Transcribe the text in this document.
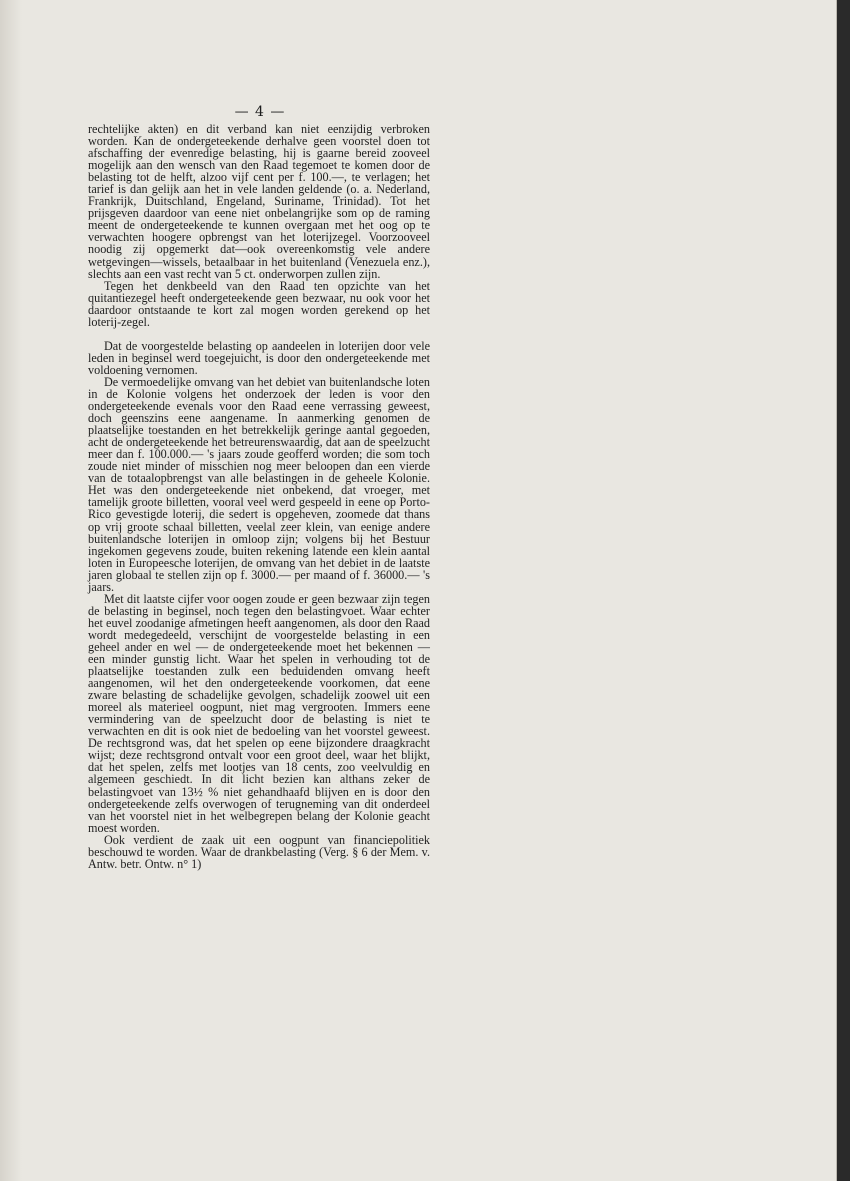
— 4 —

rechtelijke akten) en dit verband kan niet eenzijdig verbroken worden. Kan de ondergeteekende derhalve geen voorstel doen tot afschaffing der evenredige belasting, hij is gaarne bereid zooveel mogelijk aan den wensch van den Raad tegemoet te komen door de belasting tot de helft, alzoo vijf cent per f. 100.—, te verlagen; het tarief is dan gelijk aan het in vele landen geldende (o. a. Nederland, Frankrijk, Duitschland, Engeland, Suriname, Trinidad). Tot het prijsgeven daardoor van eene niet onbelangrijke som op de raming meent de ondergeteekende te kunnen overgaan met het oog op te verwachten hoogere opbrengst van het loterijzegel. Voorzooveel noodig zij opgemerkt dat—ook overeenkomstig vele andere wetgevingen—wissels, betaalbaar in het buitenland (Venezuela enz.), slechts aan een vast recht van 5 ct. onderworpen zullen zijn.

Tegen het denkbeeld van den Raad ten opzichte van het quitantiezegel heeft ondergeteekende geen bezwaar, nu ook voor het daardoor ontstaande te kort zal mogen worden gerekend op het loterij-zegel.

Dat de voorgestelde belasting op aandeelen in loterijen door vele leden in beginsel werd toegejuicht, is door den ondergeteekende met voldoening vernomen.

De vermoedelijke omvang van het debiet van buitenlandsche loten in de Kolonie volgens het onderzoek der leden is voor den ondergeteekende evenals voor den Raad eene verrassing geweest, doch geenszins eene aangename. In aanmerking genomen de plaatselijke toestanden en het betrekkelijk geringe aantal gegoeden, acht de ondergeteekende het betreurenswaardig, dat aan de speelzucht meer dan f. 100.000.— 's jaars zoude geofferd worden; die som toch zoude niet minder of misschien nog meer beloopen dan een vierde van de totaalopbrengst van alle belastingen in de geheele Kolonie. Het was den ondergeteekende niet onbekend, dat vroeger, met tamelijk groote billetten, vooral veel werd gespeeld in eene op Porto-Rico gevestigde loterij, die sedert is opgeheven, zoomede dat thans op vrij groote schaal billetten, veelal zeer klein, van eenige andere buitenlandsche loterijen in omloop zijn; volgens bij het Bestuur ingekomen gegevens zoude, buiten rekening latende een klein aantal loten in Europeesche loterijen, de omvang van het debiet in de laatste jaren globaal te stellen zijn op f. 3000.— per maand of f. 36000.— 's jaars.

Met dit laatste cijfer voor oogen zoude er geen bezwaar zijn tegen de belasting in beginsel, noch tegen den belastingvoet. Waar echter het euvel zoodanige afmetingen heeft aangenomen, als door den Raad wordt medegedeeld, verschijnt de voorgestelde belasting in een geheel ander en wel — de ondergeteekende moet het bekennen — een minder gunstig licht. Waar het spelen in verhouding tot de plaatselijke toestanden zulk een beduidenden omvang heeft aangenomen, wil het den ondergeteekende voorkomen, dat eene zware belasting de schadelijke gevolgen, schadelijk zoowel uit een moreel als materieel oogpunt, niet mag vergrooten. Immers eene vermindering van de speelzucht door de belasting is niet te verwachten en dit is ook niet de bedoeling van het voorstel geweest. De rechtsgrond was, dat het spelen op eene bijzondere draagkracht wijst; deze rechtsgrond ontvalt voor een groot deel, waar het blijkt, dat het spelen, zelfs met lootjes van 18 cents, zoo veelvuldig en algemeen geschiedt. In dit licht bezien kan althans zeker de belastingvoet van 13½ % niet gehandhaafd blijven en is door den ondergeteekende zelfs overwogen of terugneming van dit onderdeel van het voorstel niet in het welbegrepen belang der Kolonie geacht moest worden.

Ook verdient de zaak uit een oogpunt van financiepolitiek beschouwd te worden. Waar de drankbelasting (Verg. § 6 der Mem. v. Antw. betr. Ontw. n° 1)
